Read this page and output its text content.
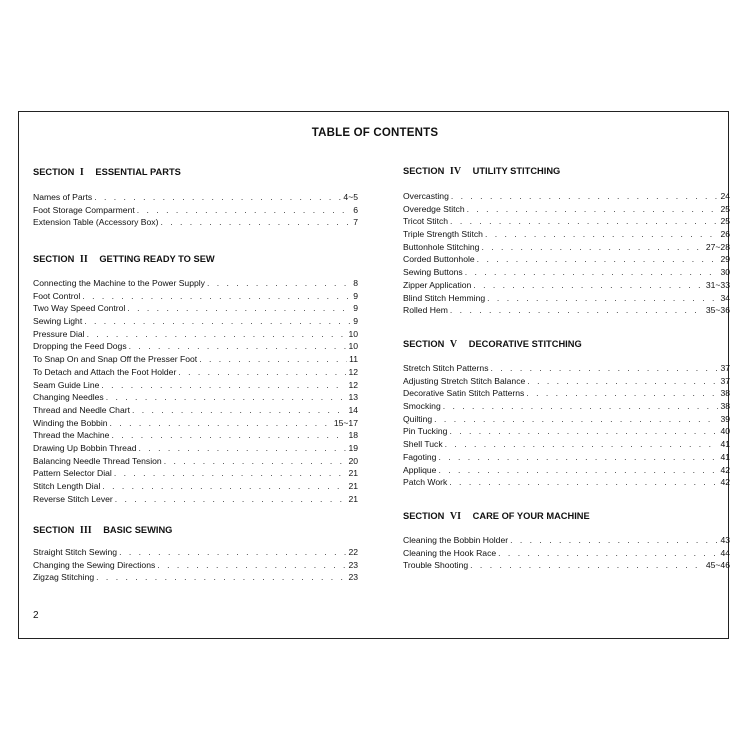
TABLE OF CONTENTS
SECTION I ESSENTIAL PARTS
Names of Parts . . .	4~5
Foot Storage Comparment . . .	6
Extension Table (Accessory Box) . . .	7
SECTION II GETTING READY TO SEW
Connecting the Machine to the Power Supply . . .	8
Foot Control . . .	9
Two Way Speed Control . . .	9
Sewing Light . . .	9
Pressure Dial . . .	10
Dropping the Feed Dogs . . .	10
To Snap On and Snap Off the Presser Foot . . .	11
To Detach and Attach the Foot Holder . . .	12
Seam Guide Line . . .	12
Changing Needles . . .	13
Thread and Needle Chart . . .	14
Winding the Bobbin . . .	15~17
Thread the Machine . . .	18
Drawing Up Bobbin Thread . . .	19
Balancing Needle Thread Tension . . .	20
Pattern Selector Dial . . .	21
Stitch Length Dial . . .	21
Reverse Stitch Lever . . .	21
SECTION III BASIC SEWING
Straight Stitch Sewing . . .	22
Changing the Sewing Directions . . .	23
Zigzag Stitching . . .	23
SECTION IV UTILITY STITCHING
Overcasting . . .	24
Overedge Stitch . . .	25
Tricot Stitch . . .	25
Triple Strength Stitch . . .	26
Buttonhole Stitching . . .	27~28
Corded Buttonhole . . .	29
Sewing Buttons . . .	30
Zipper Application . . .	31~33
Blind Stitch Hemming . . .	34
Rolled Hem . . .	35~36
SECTION V DECORATIVE STITCHING
Stretch Stitch Patterns . . .	37
Adjusting Stretch Stitch Balance . . .	37
Decorative Satin Stitch Patterns . . .	38
Smocking . . .	38
Quilting . . .	39
Pin Tucking . . .	40
Shell Tuck . . .	41
Fagoting . . .	41
Applique . . .	42
Patch Work . . .	42
SECTION VI CARE OF YOUR MACHINE
Cleaning the Bobbin Holder . . .	43
Cleaning the Hook Race . . .	44
Trouble Shooting . . .	45~46
2
